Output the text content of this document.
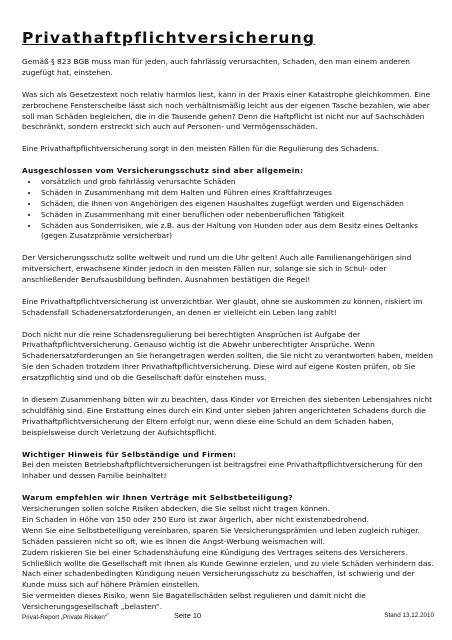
Privathaftpflichtversicherung

Gemäß § 823 BGB muss man für jeden, auch fahrlässig verursachten, Schaden, den man einem anderen zugefügt hat, einstehen.

Was sich als Gesetzestext noch relativ harmlos liest, kann in der Praxis einer Katastrophe gleichkommen. Eine zerbrochene Fensterscheibe lässt sich noch verhältnismäßig leicht aus der eigenen Tasche bezahlen, wie aber soll man Schäden begleichen, die in die Tausende gehen? Denn die Haftpflicht ist nicht nur auf Sachschäden beschränkt, sondern erstreckt sich auch auf Personen- und Vermögensschäden.

Eine Privathaftpflichtversicherung sorgt in den meisten Fällen für die Regulierung des Schadens.

Ausgeschlossen vom Versicherungsschutz sind aber allgemein:

• vorsätzlich und grob fahrlässig verursachte Schäden
• Schäden in Zusammenhang mit dem Halten und Führen eines Kraftfahrzeuges
• Schäden, die Ihnen von Angehörigen des eigenen Haushaltes zugefügt werden und Eigenschäden
• Schäden in Zusammenhang mit einer beruflichen oder nebenberuflichen Tätigkeit
• Schäden aus Sonderrisiken, wie z.B. aus der Haltung von Hunden oder aus dem Besitz eines Oeltanks (gegen Zusatzprämie versicherbar)

Der Versicherungsschutz sollte weltweit und rund um die Uhr gelten! Auch alle Familienangehörigen sind mitversichert, erwachsene Kinder jedoch in den meisten Fällen nur, solange sie sich in Schul- oder anschließender Berufsausbildung befinden. Ausnahmen bestätigen die Regel!

Eine Privathaftpflichtversicherung ist unverzichtbar. Wer glaubt, ohne sie auskommen zu können, riskiert im Schadensfall Schadenersatzforderungen, an denen er vielleicht ein Leben lang zahlt!

Doch nicht nur die reine Schadensregulierung bei berechtigten Ansprüchen ist Aufgabe der Privathaftpflichtversicherung. Genauso wichtig ist die Abwehr unberechtigter Ansprüche. Wenn Schadenersatzforderungen an Sie herangetragen werden sollten, die Sie nicht zu verantworten haben, melden Sie den Schaden trotzdem Ihrer Privathaftpflichtversicherung. Diese wird auf eigene Kosten prüfen, ob Sie ersatzpflichtig sind und ob die Gesellschaft dafür einstehen muss.

In diesem Zusammenhang bitten wir zu beachten, dass Kinder vor Erreichen des siebenten Lebensjahres nicht schuldfähig sind. Eine Erstattung eines durch ein Kind unter sieben Jahren angerichteten Schadens durch die Privathaftpflichtversicherung der Eltern erfolgt nur, wenn diese eine Schuld an dem Schaden haben, beispielsweise durch Verletzung der Aufsichtspflicht.

Wichtiger Hinweis für Selbständige und Firmen:

Bei den meisten Betriebshaftpflichtversicherungen ist beitragsfrei eine Privathaftpflichtversicherung für den Inhaber und dessen Familie beinhaltet!

Warum empfehlen wir Ihnen Verträge mit Selbstbeteiligung?

Versicherungen sollen solche Risiken abdecken, die Sie selbst nicht tragen können.

Ein Schaden in Höhe von 150 oder 250 Euro ist zwar ärgerlich, aber nicht existenzbedrohend.

Wenn Sie eine Selbstbeteiligung vereinbaren, sparen Sie Versicherungsprämien und leben zugleich ruhiger.

Schäden passieren nicht so oft, wie es ihnen die Angst-Werbung weismachen will.

Zudem riskieren Sie bei einer Schadenshäufung eine Kündigung des Vertrages seitens des Versicherers. Schließlich wollte die Gesellschaft mit Ihnen als Kunde Gewinne erzielen, und zu viele Schäden verhindern das.

Nach einer schadenbedingten Kündigung neuen Versicherungsschutz zu beschaffen, ist schwierig und der Kunde muss sich auf höhere Prämien einstellen.

Sie vermeiden dieses Risiko, wenn Sie Bagatellschäden selbst regulieren und damit nicht die Versicherungsgesellschaft „belasten“.

Privat-Report „Private Risiken“*	Seite 10	Stand 13.12.2010
